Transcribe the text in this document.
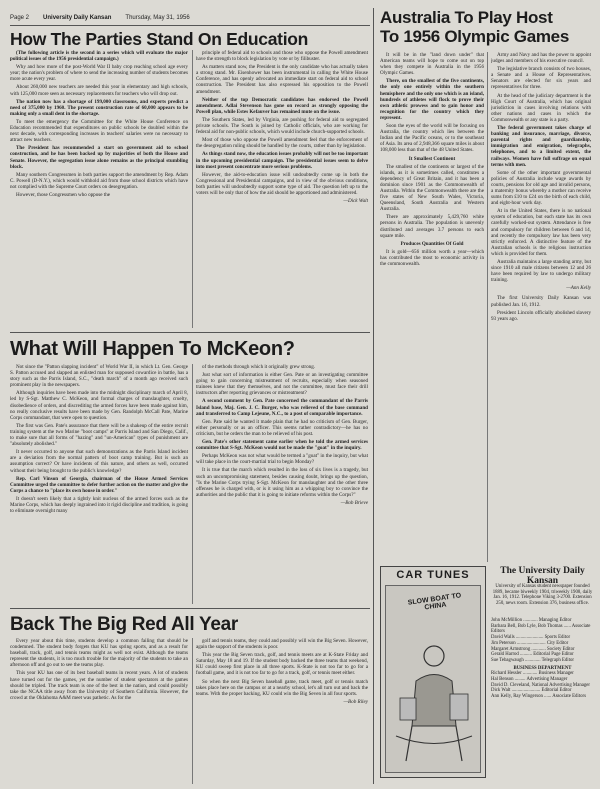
Page 2 University Daily Kansan Thursday, May 31, 1956
How The Parties Stand On Education

(The following article is the second in a series which will evaluate the major political issues of the 1956 presidential campaign.)

Why and how more of the post-World War II baby crop reaching school age every year; the nation's problem of where to send the increasing number of students becomes more acute every year.

About 260,000 new teachers are needed this year in elementary and high schools, with 125,000 more seen as necessary replacements for teachers who will drop out.

The nation now has a shortage of 199,000 classrooms, and experts predict a need of 375,000 by 1960. The present construction rate of 60,000 appears to be making only a small dent in the shortage.

To meet the emergency the Committee for the White House Conference on Education recommended that expenditures on public schools be doubled within the next decade, with corresponding increases in teachers' salaries were no necessary to attract new teachers.

The President has recommended a start on government aid to school construction, and he has been backed up by majorities of both the House and Senate. However, the segregation issue alone remains as the principal stumbling block.

Many southern Congressmen in both parties support the amendment by Rep. Adam C. Powell (D-N.Y.), which would withhold aid from those school districts which have not complied with the Supreme Court orders on desegregation.

However, those Congressmen who oppose the

principle of federal aid to schools and those who oppose the Powell amendment have the strength to block legislation by vote or by filibuster.

As matters stand now, the President is the only candidate who has actually taken a strong stand. Mr. Eisenhower has been instrumental in calling the White House Conference, and has openly advocated an immediate start on federal aid to school construction. The President has also expressed his opposition to the Powell amendment.

Neither of the top Democratic candidates has endorsed the Powell amendment. Adlai Stevenson has gone on record as strongly opposing the Powell plan, while Estes Kefauver has remained mute on the issue.

The Southern States, led by Virginia, are pushing for federal aid to segregated private schools. The South is joined by Catholic officials, who are working for federal aid for non-public schools, which would include church-supported schools.

Most of those who oppose the Powell amendment feel that the enforcement of the desegregation ruling should be handled by the courts, rather than by legislation.

As things stand now, the education issues probably will not be too important in the upcoming presidential campaign. The presidential issues seem to delve into most present concentrate more serious problems.

However, the aid-to-education issue will undoubtedly come up in both the Congressional and Presidential campaigns, and in view of the obvious conditions, both parties will undoubtedly support some type of aid. The question left up to the voters will be only that of how the aid should be apportioned and administered.

—Dick Walt
What Will Happen To McKeon?

Not since the "Patton slapping incident" of World War II, in which Lt. Gen. George S. Patton accused and slapped an enlisted man for supposed cowardice in battle, has a story such as the Parris Island, S.C., "death march" of a month ago received such prominent play in the newspapers.

Although inquiries have been made into the midnight disciplinary march of April 8, led by S-Sgt. Matthew C. McKeon, and formal charges of manslaughter, cruelty, disobedience of orders, and discrediting the armed forces have been made against him, no really conclusive results have been made by Gen. Randolph McCall Pate, Marine Corps commandant, that were open to question.

The first was Gen. Pate's assurance that there will be a shakeup of the entire recruit training system at the two Marine "boot camps" at Parris Island and San Diego, Calif., to make sure that all forms of "hazing" and "un-American" types of punishment are "absolutely abolished."

It never occurred to anyone that such demonstrations as the Parris Island incident are a deviation from the normal pattern of boot camp training. But is such an assumption correct? Or have incidents of this nature, and others as well, occurred without their being brought to the public's knowledge?

Rep. Carl Vinson of Georgia, chairman of the House Armed Services Committee urged the committee to defer further action on the matter and give the Corps a chance to "place its own house in order."

It doesn't seem likely that a tightly knit nucleus of the armed forces such as the Marine Corps, which has deeply ingrained into it rigid discipline and tradition, is going to eliminate overnight many

of the methods through which it originally grew strong.

Just what sort of information is either Gen. Pate or an investigating committee going to gain concerning mistreatment of recruits, especially when seasoned trainees knew that they themselves, and not the committee, must face their drill instructors after reporting grievances or mistreatment?

A second comment by Gen. Pate concerned the commandant of the Parris Island base, Maj. Gen. J. C. Burger, who was relieved of the base command and transferred to Camp Lejeune, N.C., to a post of comparable importance.

Gen. Pate said he wanted it made plain that he had no criticism of Gen. Burger, either personally or as an officer. This seems rather contradictory—he has no criticism, but he orders the man to be relieved of his post.

Gen. Pate's other statement came earlier when he told the armed services committee that S-Sgt. McKeon would not be made the "goat" in the inquiry.

Perhaps McKeon was not what would be termed a "goat" in the inquiry, but what will take place in the court-martial trial to begin Monday?

It is true that the march which resulted in the loss of six lives is a tragedy, but such an uncompromising statement, besides causing doubt, brings up the question, "Is the Marine Corps trying S-Sgt. McKeon for manslaughter and the other three offenses he is charged with, or is it using him as a whipping boy to convince the authorities and the public that it is going to initiate reforms within the Corps?"

—Bob Brieve
Back The Big Red All Year

Every year about this time, students develop a common failing that should be condemned. The student body forgets that KU has spring sports, and as a result for baseball, track, golf, and tennis teams might as well not exist. Although the teams represent the students, it is too much trouble for the majority of the students to take an afternoon off and go out to see the teams play.

This year KU has one of its best baseball teams in recent years. A lot of students have turned out for the games, yet the number of student spectators at the games should be tripled. The track team is one of the best in the nation, and could possibly take the NCAA title away from the University of Southern California. However, the crowd at the Oklahoma A&M meet was pathetic. As for the

golf and tennis teams, they could and possibly will win the Big Seven. However, again the support of the students is poor.

This year the Big Seven track, golf, and tennis meets are at K-State Friday and Saturday, May 18 and 19. If the student body backed the three teams that weekend, KU could sweep first place in all three sports. K-State is not too far to go for a football game, and it is not too far to go for a track, golf, or tennis meet either.

So when the next Big Seven baseball game, track meet, golf or tennis match takes place here on the campus or at a nearby school, let's all turn out and back the teams. With the proper backing, KU could win the Big Seven in all four sports.

—Bob Riley
Australia To Play Host
To 1956 Olympic Games

It will be in the "land down under" that American teams will hope to come out on top when they compete in Australia in the 1956 Olympic Games.

There, on the smallest of the five continents, the only one entirely within the southern hemisphere and the only one which is an island, hundreds of athletes will flock to prove their own athletic prowess and to gain honor and recognition for the country which they represent.

Soon the eyes of the world will be focusing on Australia, the country which lies between the Indian and the Pacific oceans, or to the southeast of Asia. Its area of 2,948,366 square miles is about 108,000 less than that of the 48 United States.

It Smallest Continent

The smallest of the continents or largest of the islands, as it is sometimes called, constitutes a dependency of Great Britain, and it has been a dominion since 1901 as the Commonwealth of Australia. Within the Commonwealth there are the five states of New South Wales, Victoria, Queensland, South Australia and Western Australia.

There are approximately 5,429,760 white persons in Australia. The population is unevenly distributed and averages 3.7 persons to each square mile.

Produces Quantities Of Gold

It is gold—656 million worth a year—which has contributed the most to economic activity in the commonwealth.

Army and Navy and has the power to appoint judges and members of his executive council.

The legislative branch consists of two houses, a Senate and a House of Representatives. Senators are elected for six years and representatives for three.

At the head of the judiciary department is the High Court of Australia, which has original jurisdiction in cases involving relations with other nations and cases in which the Commonwealth or any state is a party.

The federal government takes charge of banking and insurance, marriage, divorce, parental rights and guardianship, immigration and emigration, telegraphs, telephones, and to a limited extent, the railways. Women have full suffrage on equal terms with men.

Some of the other important governmental policies of Australia include wage awards by courts, pensions for old age and invalid persons, a maternity bonus whereby a mother can receive sums from £10 to £24 on the birth of each child, and eight-hour work day.

At in the United States, there is no national system of education, but each state has its own carefully worked-out system. Attendance is free and compulsory for children between 6 and 14, and recently the compulsory law has been very strictly enforced. A distinctive feature of the Australian schools is the religious instruction which is provided for them.

Australia maintains a large standing army, but since 1910 all male citizens between 12 and 26 have been required by law to undergo military training.

—Ann Kelly

The first University Daily Kansan was published Jan. 16, 1912.

President Lincoln officially abolished slavery 93 years ago.

CAR TUNES
SLOW BOAT TO CHINA
The University Daily Kansan
University of Kansas student newspaper founded 1889, became biweekly 1904, triweekly 1908, daily Jan. 16, 1912. Telephone Viking 3-2700. Extension 250, news room. Extension 376, business office.
John McMillion ............ Managing Editor
Barbara Bell, Bob Lyle, Bob Thomas ...... Associate Editors
David Walls ....................... Sports Editor
Jim Peterson ........................ City Editor
Margaret Armstrong ............ Society Editor
Gerald Harrod .......... Editorial Page Editor
Sue Tebagwaugh ............. Telegraph Editor
BUSINESS DEPARTMENT
Richard Hessler ............ Business Manager
Hal Benson ......... Advertising Manager
David D. Cleveland, National Advertising Manager
Dick Walt ........................ Editorial Editor
Ann Kelly, Ray Wingerson ...... Associate Editors
